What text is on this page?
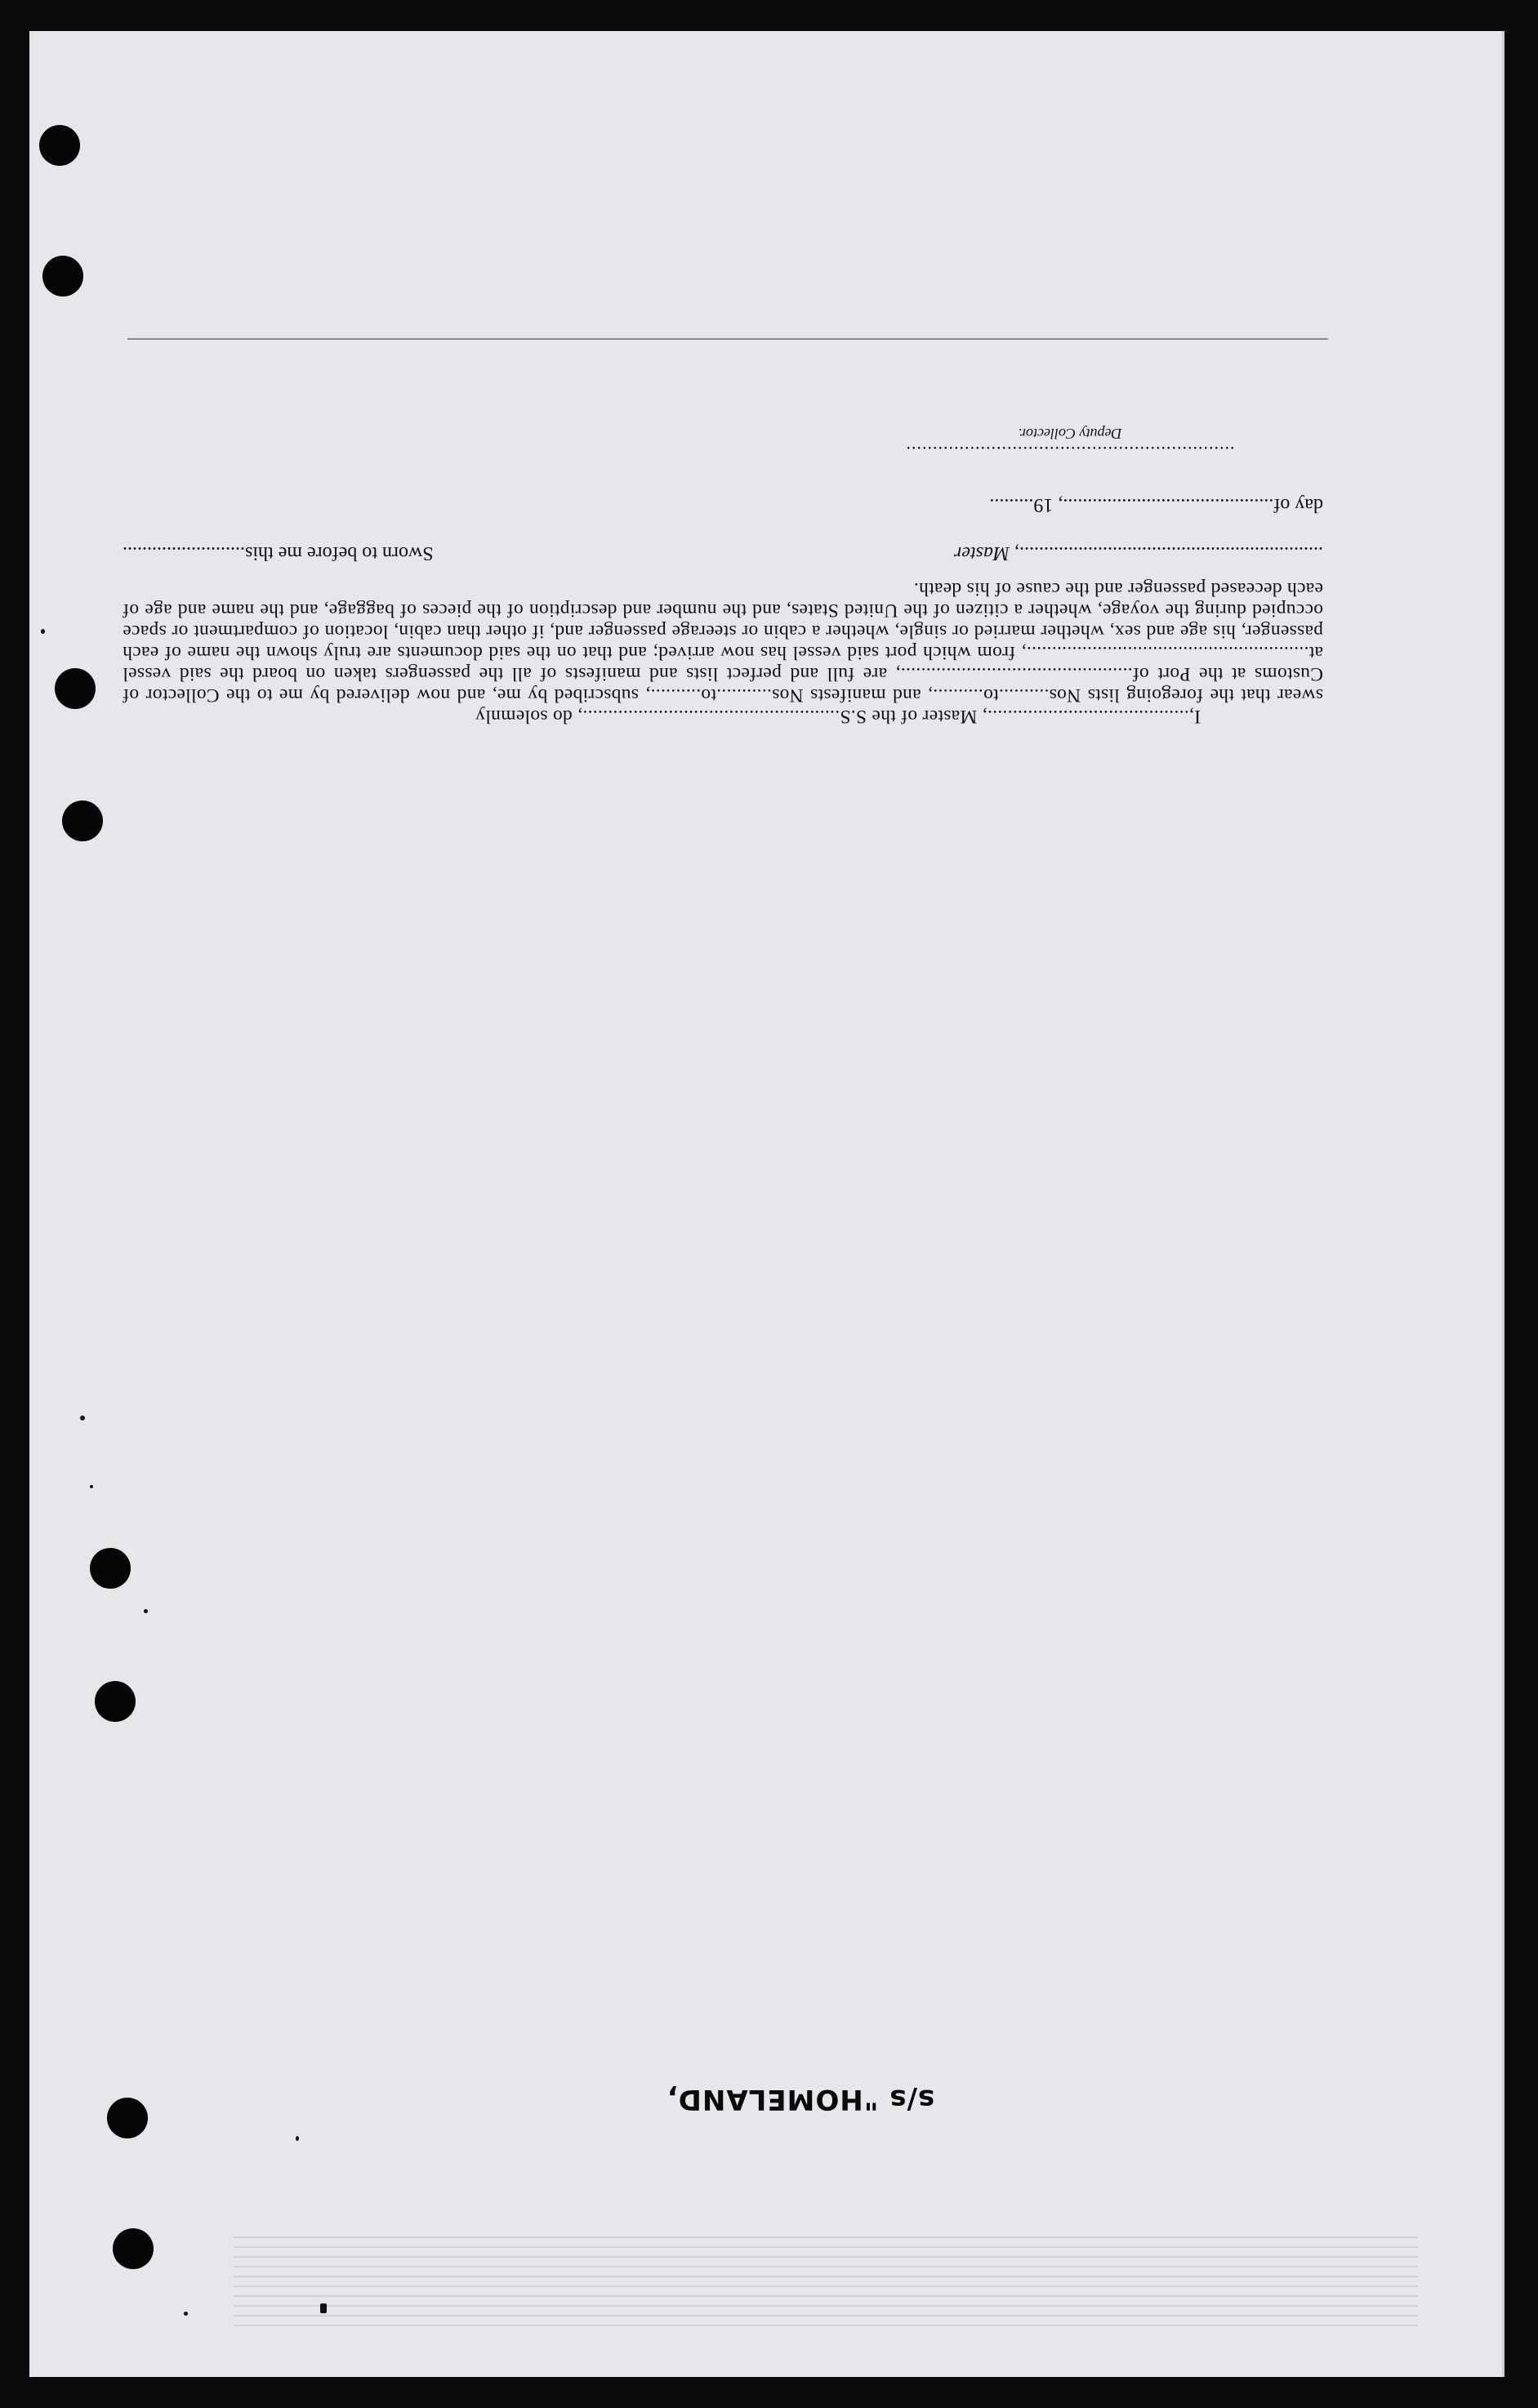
..............................................................
Deputy Collector.
day of..........................................., 19.........
.............................................................., Master
Sworn to before me this.........................

I,........................................, Master of the S.S..................................................., do solemnly

swear that the foregoing lists Nos..........to.........., and manifests Nos...........to.........., subscribed by me, and now delivered by me to the Collector of Customs at the Port of.............................................., are full and perfect lists and manifests of all the passengers taken on board the said vessel at........................................................, from which port said vessel has now arrived; and that on the said documents are truly shown the name of each passenger, his age and sex, whether married or single, whether a cabin or steerage passenger and, if other than cabin, location of compartment or space occupied during the voyage, whether a citizen of the United States, and the number and description of the pieces of baggage, and the name and age of each deceased passenger and the cause of his death.

s/s "HOMELAND,
